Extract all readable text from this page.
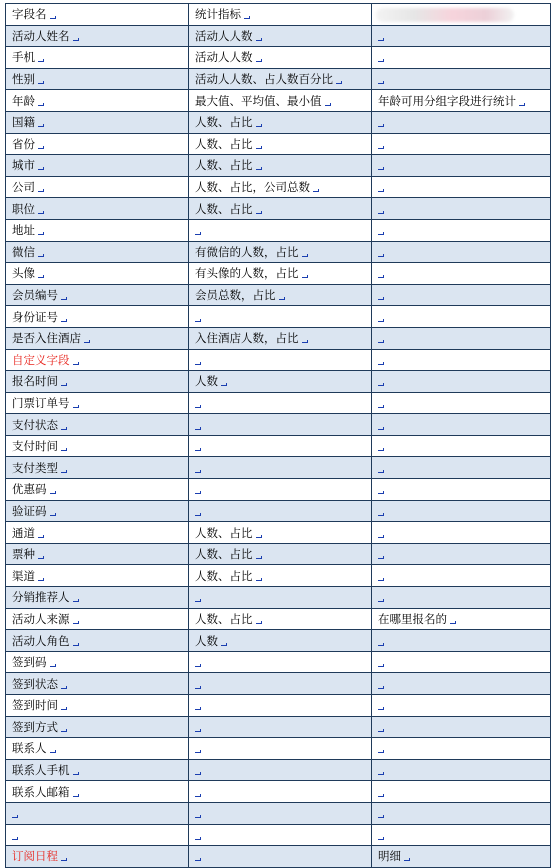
字段名	统计指标	
活动人姓名	活动人人数	
手机	活动人人数	
性别	活动人人数、占人数百分比	
年龄	最大值、平均值、最小值	年龄可用分组字段进行统计
国籍	人数、占比	
省份	人数、占比	
城市	人数、占比	
公司	人数、占比，公司总数	
职位	人数、占比	
地址		
微信	有微信的人数，占比	
头像	有头像的人数，占比	
会员编号	会员总数，占比	
身份证号		
是否入住酒店	入住酒店人数，占比	
自定义字段		
报名时间	人数	
门票订单号		
支付状态		
支付时间		
支付类型		
优惠码		
验证码		
通道	人数、占比	
票种	人数、占比	
渠道	人数、占比	
分销推荐人		
活动人来源	人数、占比	在哪里报名的
活动人角色	人数	
签到码		
签到状态		
签到时间		
签到方式		
联系人		
联系人手机		
联系人邮箱		

订阅日程		明细
